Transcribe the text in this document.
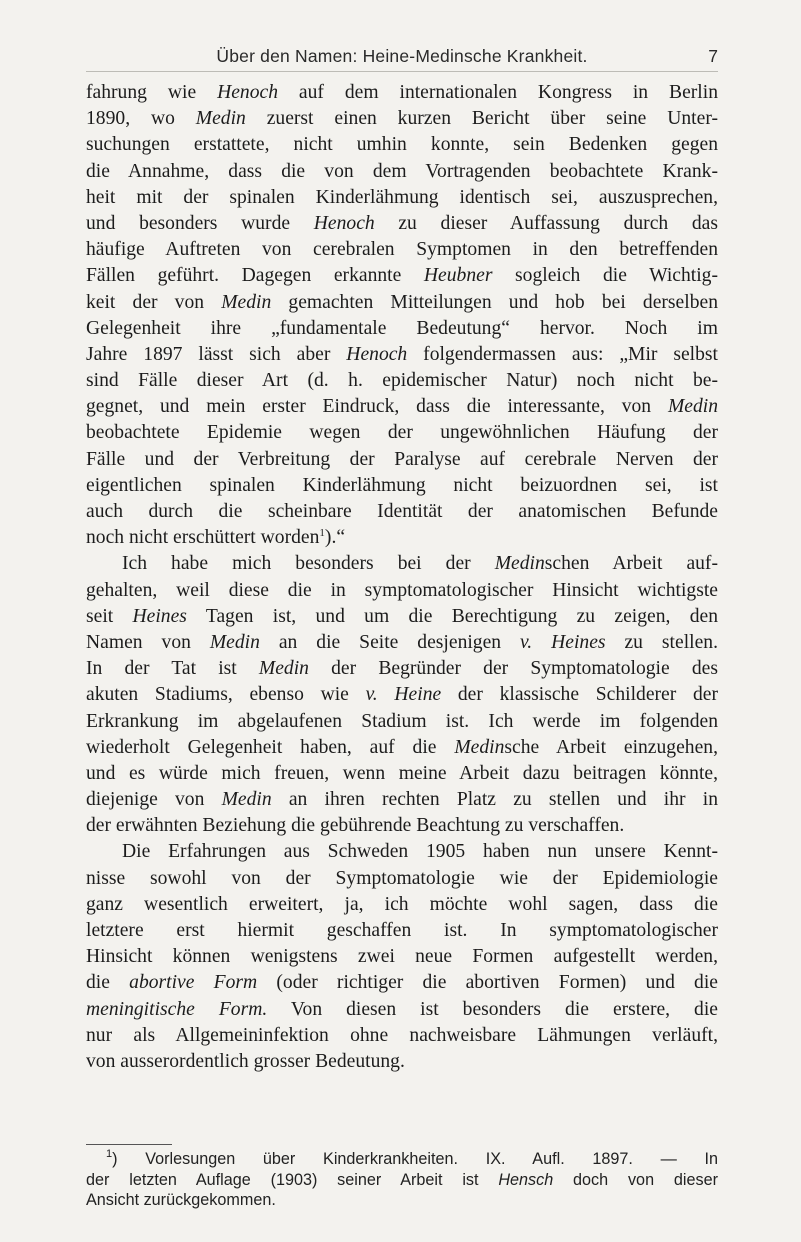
Über den Namen: Heine-Medinsche Krankheit.	7
fahrung wie Henoch auf dem internationalen Kongress in Berlin
1890, wo Medin zuerst einen kurzen Bericht über seine Unter-
suchungen erstattete, nicht umhin konnte, sein Bedenken gegen
die Annahme, dass die von dem Vortragenden beobachtete Krank-
heit mit der spinalen Kinderlähmung identisch sei, auszusprechen,
und besonders wurde Henoch zu dieser Auffassung durch das
häufige Auftreten von cerebralen Symptomen in den betreffenden
Fällen geführt. Dagegen erkannte Heubner sogleich die Wichtig-
keit der von Medin gemachten Mitteilungen und hob bei derselben
Gelegenheit ihre „fundamentale Bedeutung“ hervor. Noch im
Jahre 1897 lässt sich aber Henoch folgendermassen aus: „Mir selbst
sind Fälle dieser Art (d. h. epidemischer Natur) noch nicht be-
gegnet, und mein erster Eindruck, dass die interessante, von Medin
beobachtete Epidemie wegen der ungewöhnlichen Häufung der
Fälle und der Verbreitung der Paralyse auf cerebrale Nerven der
eigentlichen spinalen Kinderlähmung nicht beizuordnen sei, ist
auch durch die scheinbare Identität der anatomischen Befunde
noch nicht erschüttert worden$^1$).“
Ich habe mich besonders bei der Medinschen Arbeit auf-
gehalten, weil diese die in symptomatologischer Hinsicht wichtigste
seit Heines Tagen ist, und um die Berechtigung zu zeigen, den
Namen von Medin an die Seite desjenigen v. Heines zu stellen.
In der Tat ist Medin der Begründer der Symptomatologie des
akuten Stadiums, ebenso wie v. Heine der klassische Schilderer der
Erkrankung im abgelaufenen Stadium ist. Ich werde im folgenden
wiederholt Gelegenheit haben, auf die Medinsche Arbeit einzugehen,
und es würde mich freuen, wenn meine Arbeit dazu beitragen könnte,
diejenige von Medin an ihren rechten Platz zu stellen und ihr in
der erwähnten Beziehung die gebührende Beachtung zu verschaffen.
Die Erfahrungen aus Schweden 1905 haben nun unsere Kennt-
nisse sowohl von der Symptomatologie wie der Epidemiologie
ganz wesentlich erweitert, ja, ich möchte wohl sagen, dass die
letztere erst hiermit geschaffen ist. In symptomatologischer
Hinsicht können wenigstens zwei neue Formen aufgestellt werden,
die abortive Form (oder richtiger die abortiven Formen) und die
meningitische Form. Von diesen ist besonders die erstere, die
nur als Allgemeininfektion ohne nachweisbare Lähmungen verläuft,
von ausserordentlich grosser Bedeutung.
$^1$) Vorlesungen über Kinderkrankheiten. IX. Aufl. 1897. — In
der letzten Auflage (1903) seiner Arbeit ist Hensch doch von dieser
Ansicht zurückgekommen.
